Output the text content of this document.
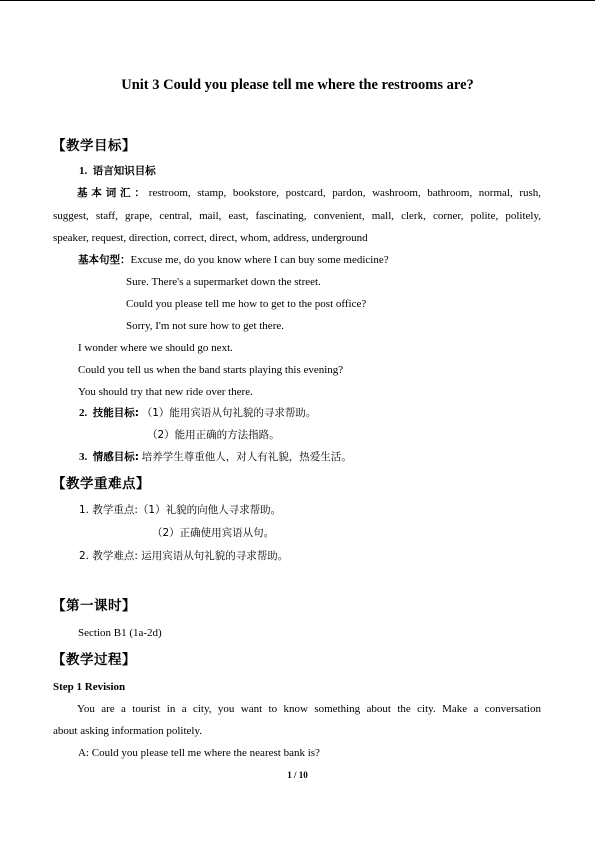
Unit 3 Could you please tell me where the restrooms are?
【教学目标】
1. 语言知识目标
基本词汇：restroom, stamp, bookstore, postcard, pardon, washroom, bathroom, normal, rush,
suggest, staff, grape, central, mail, east, fascinating, convenient, mall, clerk, corner, polite, politely,
speaker, request, direction, correct, direct, whom, address, underground
基本句型：Excuse me, do you know where I can buy some medicine?
Sure. There's a supermarket down the street.
Could you please tell me how to get to the post office?
Sorry, I'm not sure how to get there.
I wonder where we should go next.
Could you tell us when the band starts playing this evening?
You should try that new ride over there.
2. 技能目标: （1）能用宾语从句礼貌的寻求帮助。
（2）能用正确的方法指路。
3. 情感目标: 培养学生尊重他人，对人有礼貌，热爱生活。
【教学重难点】
1. 教学重点:（1）礼貌的向他人寻求帮助。
（2）正确使用宾语从句。
2. 教学难点: 运用宾语从句礼貌的寻求帮助。
【第一课时】
Section B1 (1a-2d)
【教学过程】
Step 1 Revision
You are a tourist in a city, you want to know something about the city. Make a conversation
about asking information politely.
A: Could you please tell me where the nearest bank is?
1 / 10
